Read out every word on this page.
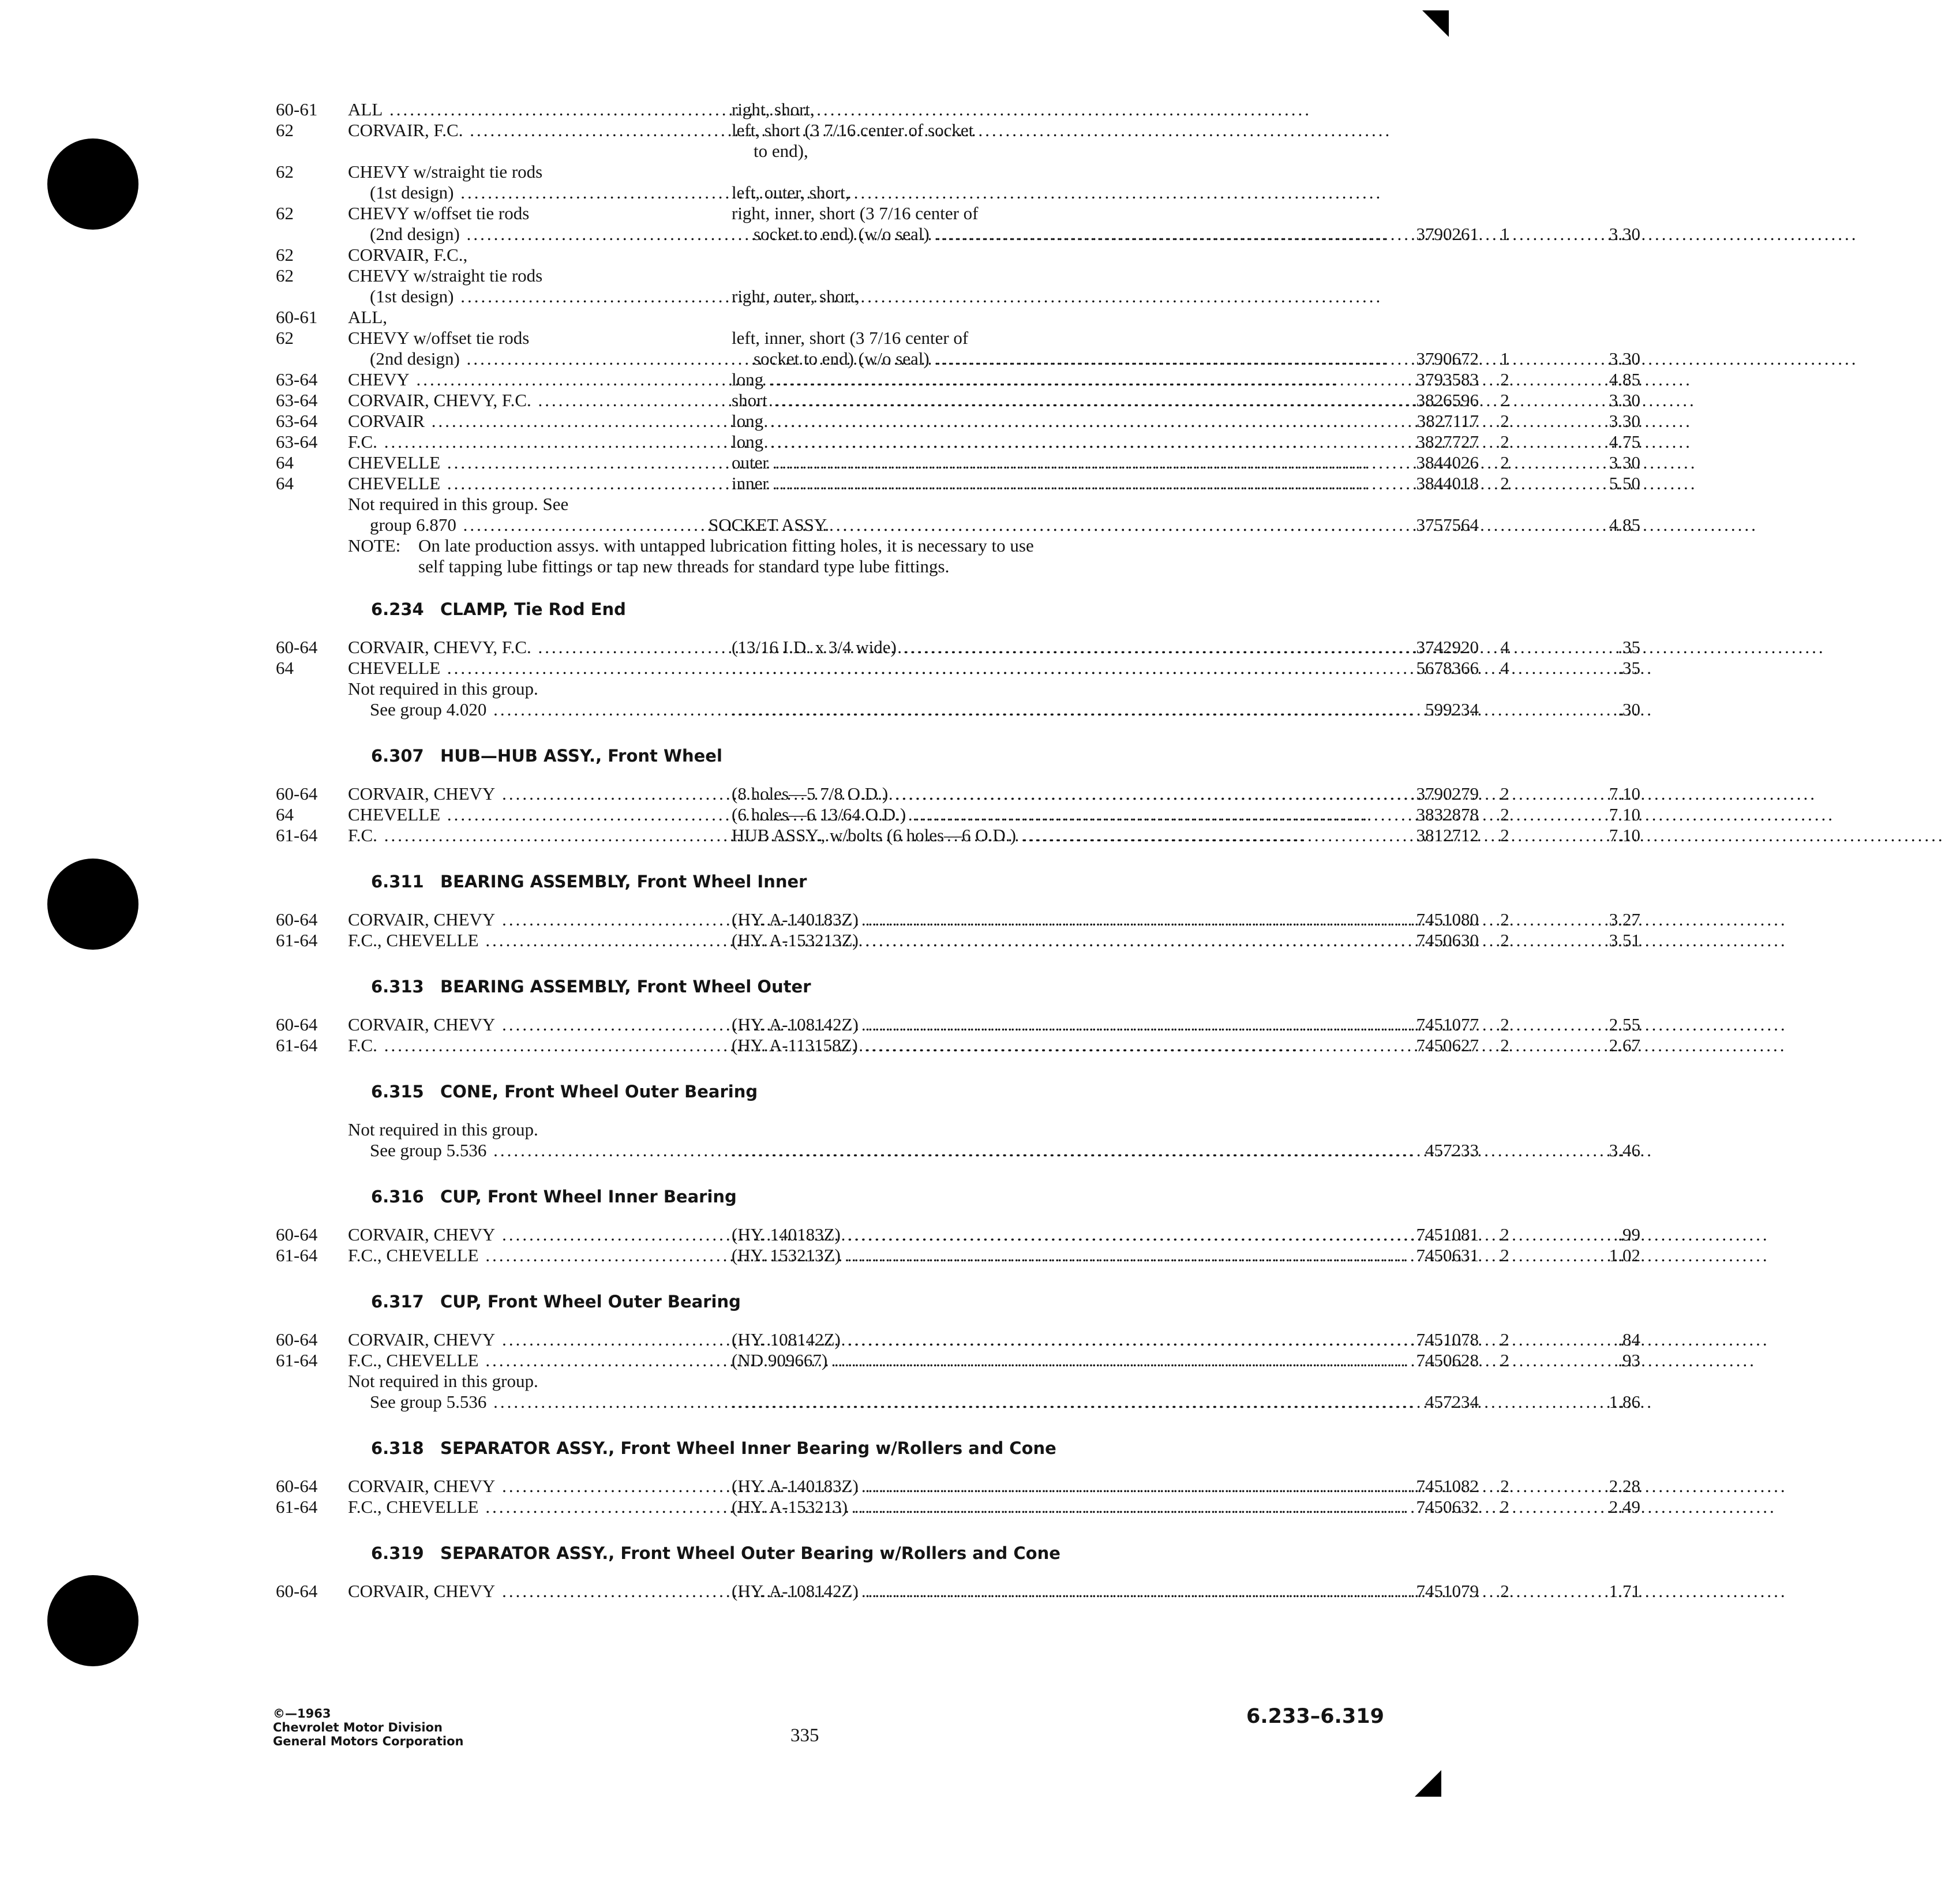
60-61	ALL .....	right, short,
62	CORVAIR, F.C. .....	left, short (3 7/16 center of socket
to end),
62	CHEVY w/straight tie rods
(1st design) .....	left, outer, short,
62	CHEVY w/offset tie rods	right, inner, short (3 7/16 center of
(2nd design) .....	socket to end) (w/o seal) .....	3790261	1	3.30
62	CORVAIR, F.C.,
62	CHEVY w/straight tie rods
(1st design) .....	right, outer, short,
60-61	ALL,
62	CHEVY w/offset tie rods	left, inner, short (3 7/16 center of
(2nd design) .....	socket to end) (w/o seal) .....	3790672	1	3.30
63-64	CHEVY .....	long .....	3793583	2	4.85
63-64	CORVAIR, CHEVY, F.C. .....	short .....	3826596	2	3.30
63-64	CORVAIR .....	long .....	3827117	2	3.30
63-64	F.C. .....	long .....	3827727	2	4.75
64	CHEVELLE .....	outer .....	3844026	2	3.30
64	CHEVELLE .....	inner .....	3844018	2	5.50
Not required in this group. See
group 6.870 .....	SOCKET ASSY. .....	3757564	4.85
NOTE: On late production assys. with untapped lubrication fitting holes, it is necessary to use
self tapping lube fittings or tap new threads for standard type lube fittings.
6.234 CLAMP, Tie Rod End
60-64	CORVAIR, CHEVY, F.C. .....	(13/16 I.D. x 3/4 wide) .....	3742920	4	.35
64	CHEVELLE ..... .....	5678366	4	.35
Not required in this group.
See group 4.020 ..... .....	599234	.30
6.307 HUB—HUB ASSY., Front Wheel
60-64	CORVAIR, CHEVY .....	(8 holes—5 7/8 O.D.) .....	3790279	2	7.10
64	CHEVELLE .....	(6 holes—6 13/64 O.D.) .....	3832878	2	7.10
61-64	F.C. .....	HUB ASSY., w/bolts (6 holes—6 O.D.) .....	3812712	2	7.10
6.311 BEARING ASSEMBLY, Front Wheel Inner
60-64	CORVAIR, CHEVY .....	(HY. A-140183Z) .....	7451080	2	3.27
61-64	F.C., CHEVELLE .....	(HY. A-153213Z) .....	7450630	2	3.51
6.313 BEARING ASSEMBLY, Front Wheel Outer
60-64	CORVAIR, CHEVY .....	(HY. A-108142Z) .....	7451077	2	2.55
61-64	F.C. .....	(HY. A-113158Z) .....	7450627	2	2.67
6.315 CONE, Front Wheel Outer Bearing
Not required in this group.
See group 5.536 ..... .....	457233	3.46
6.316 CUP, Front Wheel Inner Bearing
60-64	CORVAIR, CHEVY .....	(HY. 140183Z) .....	7451081	2	.99
61-64	F.C., CHEVELLE .....	(HY. 153213Z) .....	7450631	2	1.02
6.317 CUP, Front Wheel Outer Bearing
60-64	CORVAIR, CHEVY .....	(HY. 108142Z) .....	7451078	2	.84
61-64	F.C., CHEVELLE .....	(ND 909667) .....	7450628	2	.93
Not required in this group.
See group 5.536 ..... .....	457234	1.86
6.318 SEPARATOR ASSY., Front Wheel Inner Bearing w/Rollers and Cone
60-64	CORVAIR, CHEVY .....	(HY. A-140183Z) .....	7451082	2	2.28
61-64	F.C., CHEVELLE .....	(HY. A-153213) .....	7450632	2	2.49
6.319 SEPARATOR ASSY., Front Wheel Outer Bearing w/Rollers and Cone
60-64	CORVAIR, CHEVY .....	(HY. A-108142Z) .....	7451079	2	1.71
©—1963
Chevrolet Motor Division
General Motors Corporation	335
6.233–6.319
